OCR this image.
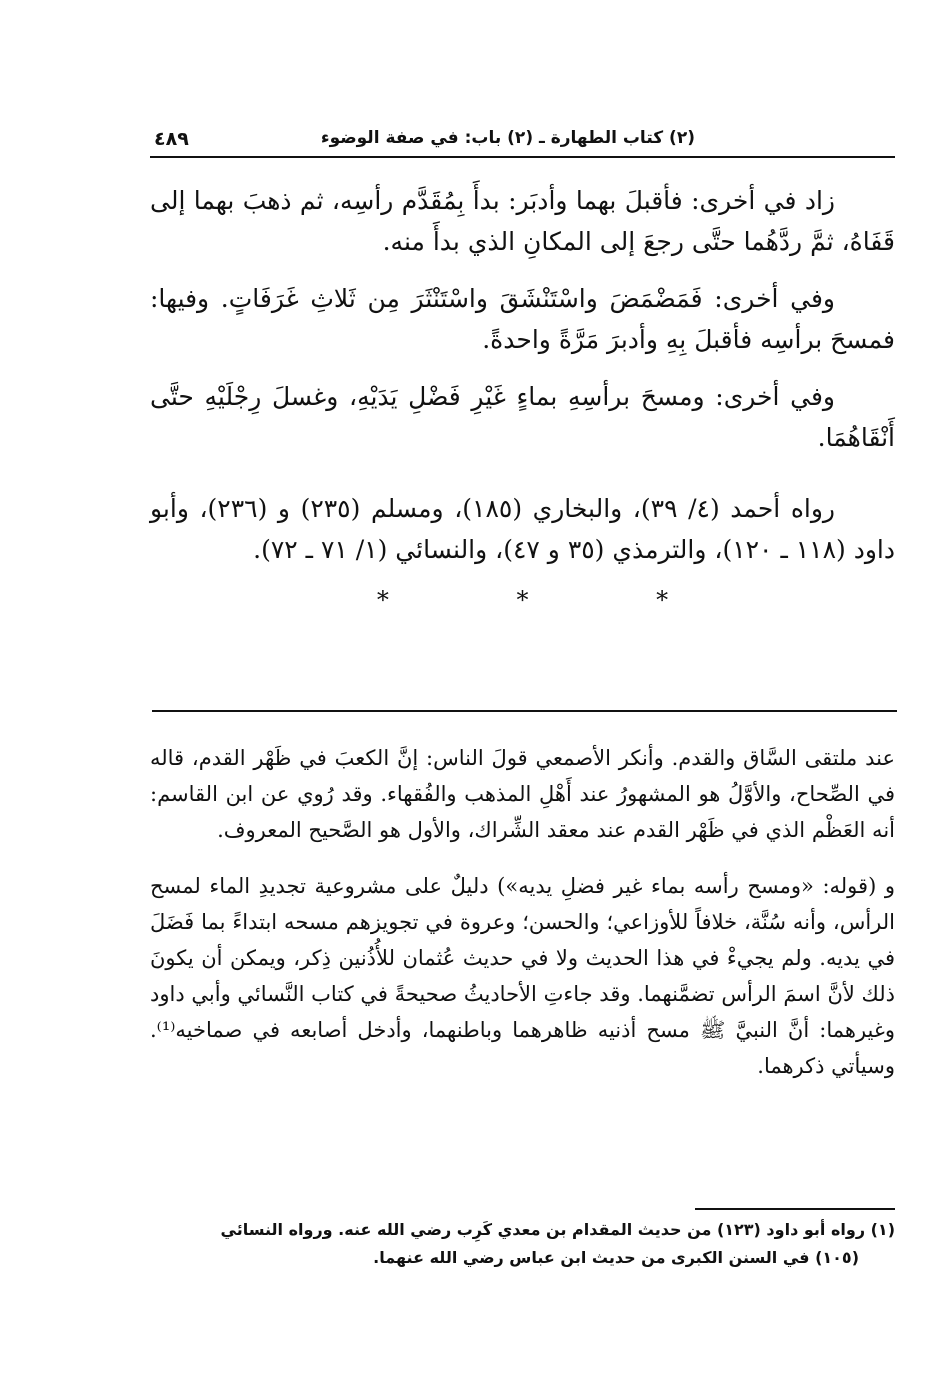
(٢) كتاب الطهارة ـ (٢) باب: في صفة الوضوء
٤٨٩

زاد في أخرى: فأقبلَ بهما وأدبَر: بدأَ بِمُقَدَّم رأسِه، ثم ذهبَ بهما إلى قَفَاهُ، ثمَّ ردَّهُما حتَّى رجعَ إلى المكانِ الذي بدأَ منه.

وفي أخرى: فَمَضْمَضَ واسْتَنْشَقَ واسْتَنْثَرَ مِن ثَلاثِ غَرَفَاتٍ. وفيها: فمسحَ برأسِه فأقبلَ بِهِ وأدبرَ مَرَّةً واحدةً.

وفي أخرى: ومسحَ برأسِهِ بماءٍ غَيْرِ فَضْلِ يَدَيْهِ، وغسلَ رِجْلَيْهِ حتَّى أَنْقَاهُمَا.

رواه أحمد (٤/ ٣٩)، والبخاري (١٨٥)، ومسلم (٢٣٥) و (٢٣٦)، وأبو داود (١١٨ ـ ١٢٠)، والترمذي (٣٥ و ٤٧)، والنسائي (١/ ٧١ ـ ٧٢).

* * *

عند ملتقى السَّاق والقدم. وأنكر الأصمعي قولَ الناس: إنَّ الكعبَ في ظَهْر القدم، قاله في الصِّحاح، والأوَّلُ هو المشهورُ عند أَهْلِ المذهب والفُقهاء. وقد رُوي عن ابن القاسم: أنه العَظْم الذي في ظَهْر القدم عند معقد الشِّراك، والأول هو الصَّحيح المعروف.

و (قوله: «ومسح رأسه بماء غير فضلِ يديه») دليلٌ على مشروعية تجديدِ الماء لمسح الرأس، وأنه سُنَّة، خلافاً للأوزاعي؛ والحسن؛ وعروة في تجويزهم مسحه ابتداءً بما فَضَلَ في يديه. ولم يجيءْ في هذا الحديث ولا في حديث عُثمان للأُذُنين ذِكر، ويمكن أن يكونَ ذلك لأنَّ اسمَ الرأس تضمَّنهما. وقد جاءتِ الأحاديثُ صحيحةً في كتاب النَّسائي وأبي داود وغيرهما: أنَّ النبيَّ ﷺ مسح أذنيه ظاهرهما وباطنهما، وأدخل أصابعه في صماخيه⁽¹⁾. وسيأتي ذكرهما.

(١) رواه أبو داود (١٢٣) من حديث المقدام بن معدي كَرِب رضي الله عنه. ورواه النسائي
(١٠٥) في السنن الكبرى من حديث ابن عباس رضي الله عنهما.
